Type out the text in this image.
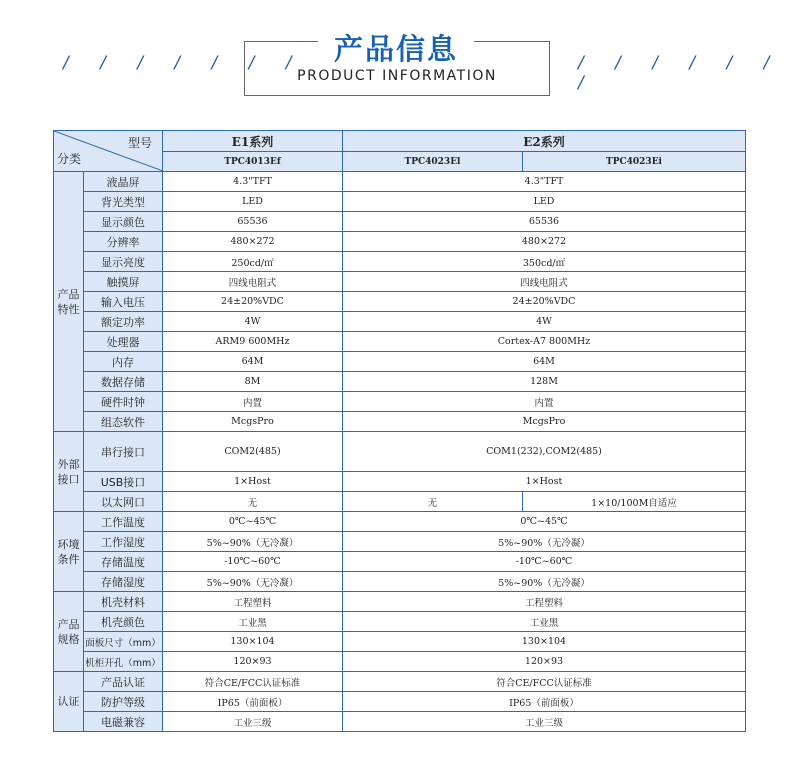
/ / / / / / /	/ / / / / / /
产品信息
PRODUCT INFORMATION
型号
分类		E1系列	E2系列	
		TPC4013Ef	TPC4023El	TPC4023Ei
产品特性	液晶屏	4.3"TFT	4.3"TFT	
	背光类型	LED	LED	
	显示颜色	65536	65536	
	分辨率	480×272	480×272	
	显示亮度	250cd/㎡	350cd/㎡	
	触摸屏	四线电阻式	四线电阻式	
	输入电压	24±20%VDC	24±20%VDC	
	额定功率	4W	4W	
	处理器	ARM9 600MHz	Cortex-A7 800MHz	
	内存	64M	64M	
	数据存储	8M	128M	
	硬件时钟	内置	内置	
	组态软件	McgsPro	McgsPro	
外部接口	串行接口	COM2(485)	COM1(232),COM2(485)	
	USB接口	1×Host	1×Host	
	以太网口	无	无	1×10/100M自适应
环境条件	工作温度	0℃~45℃	0℃~45℃	
	工作湿度	5%~90%（无冷凝）	5%~90%（无冷凝）	
	存储温度	-10℃~60℃	-10℃~60℃	
	存储湿度	5%~90%（无冷凝）	5%~90%（无冷凝）	
产品规格	机壳材料	工程塑料	工程塑料	
	机壳颜色	工业黑	工业黑	
	面板尺寸（mm）	130×104	130×104	
	机柜开孔（mm）	120×93	120×93	
认证	产品认证	符合CE/FCC认证标准	符合CE/FCC认证标准	
	防护等级	IP65（前面板）	IP65（前面板）	
	电磁兼容	工业三级	工业三级	
